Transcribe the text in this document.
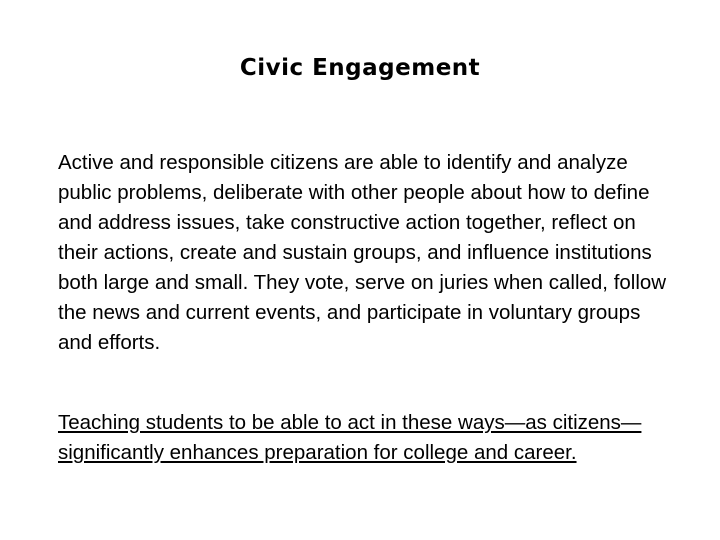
Civic Engagement

Active and responsible citizens are able to identify and analyze public problems, deliberate with other people about how to define and address issues, take constructive action together, reflect on their actions, create and sustain groups, and influence institutions both large and small. They vote, serve on juries when called, follow the news and current events, and participate in voluntary groups and efforts.

Teaching students to be able to act in these ways—as citizens—significantly enhances preparation for college and career.
